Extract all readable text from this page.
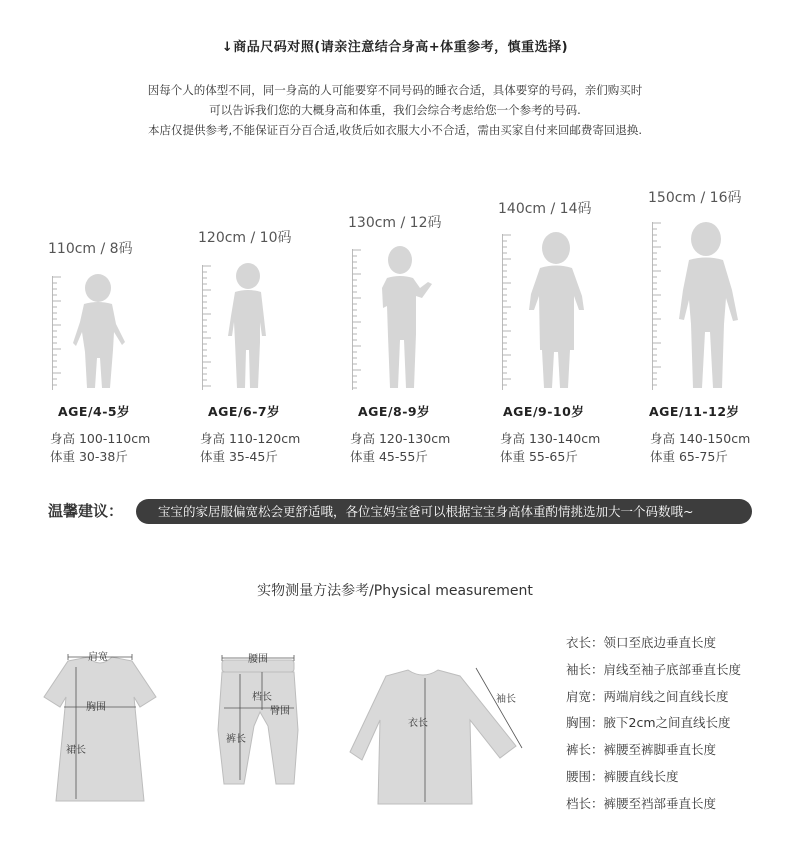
↓商品尺码对照(请亲注意结合身高+体重参考，慎重选择)
因每个人的体型不同，同一身高的人可能要穿不同号码的睡衣合适，具体要穿的号码，亲们购买时
可以告诉我们您的大概身高和体重，我们会综合考虑给您一个参考的号码.
本店仅提供参考,不能保证百分百合适,收货后如衣服大小不合适，需由买家自付来回邮费寄回退换.
110cm / 8码
AGE/4-5岁
身高 100-110cm
体重 30-38斤
120cm / 10码
AGE/6-7岁
身高 110-120cm
体重 35-45斤
130cm / 12码
AGE/8-9岁
身高 120-130cm
体重 45-55斤
140cm / 14码
AGE/9-10岁
身高 130-140cm
体重 55-65斤
150cm / 16码
AGE/11-12岁
身高 140-150cm
体重 65-75斤
温馨建议：	宝宝的家居服偏宽松会更舒适哦，各位宝妈宝爸可以根据宝宝身高体重酌情挑选加大一个码数哦~
实物测量方法参考/Physical measurement
肩宽
胸围
裙长
腰围
档长
臀围
裤长
衣长
袖长
衣长：领口至底边垂直长度
袖长：肩线至袖子底部垂直长度
肩宽：两端肩线之间直线长度
胸围：腋下2cm之间直线长度
裤长：裤腰至裤脚垂直长度
腰围：裤腰直线长度
档长：裤腰至裆部垂直长度
